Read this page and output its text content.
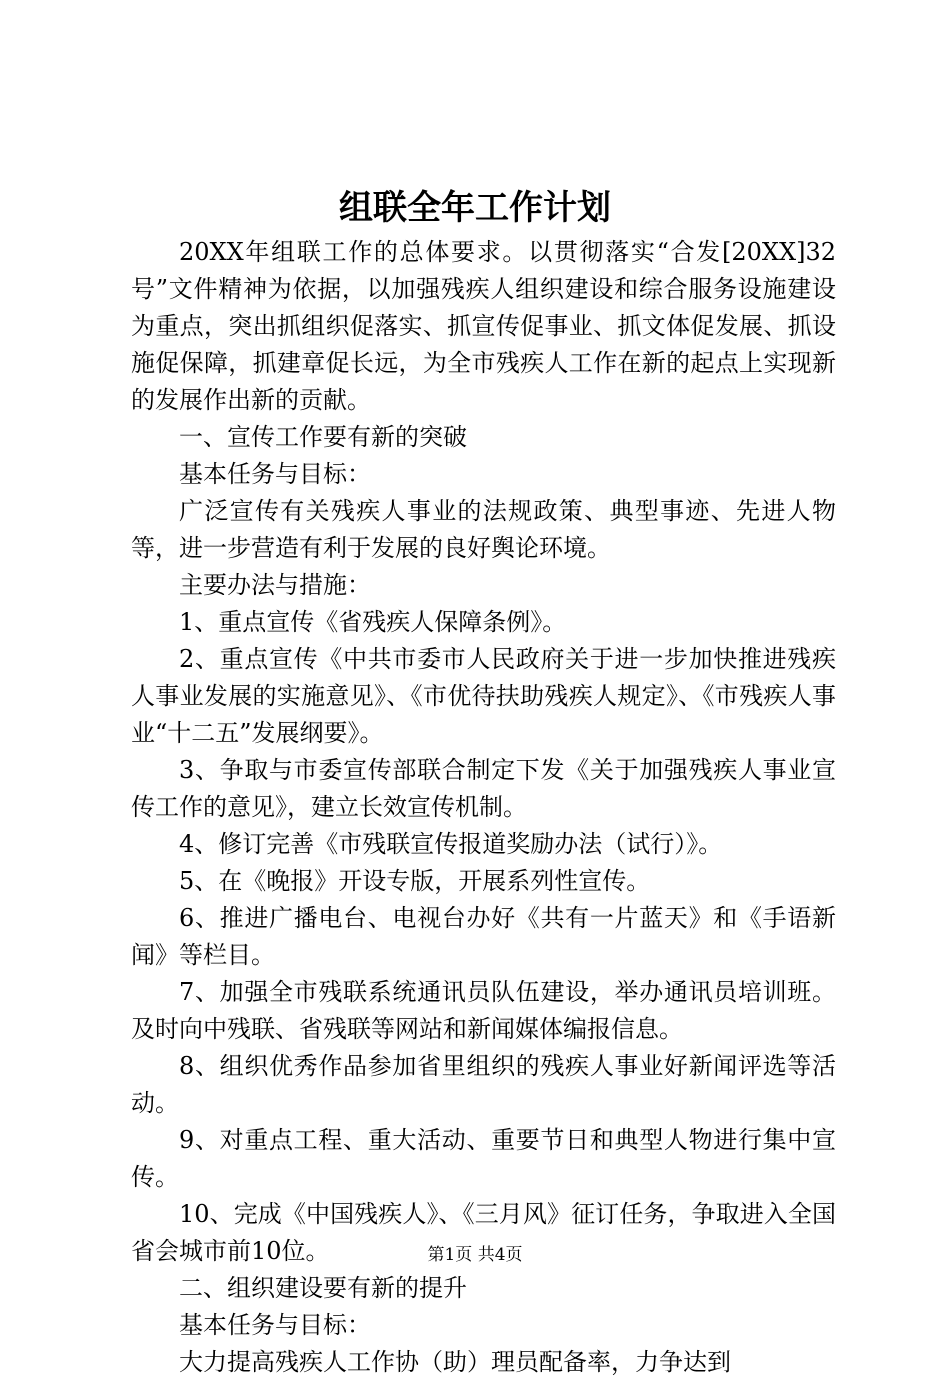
组联全年工作计划

20XX年组联工作的总体要求。以贯彻落实“合发[20XX]32号”文件精神为依据，以加强残疾人组织建设和综合服务设施建设为重点，突出抓组织促落实、抓宣传促事业、抓文体促发展、抓设施促保障，抓建章促长远，为全市残疾人工作在新的起点上实现新的发展作出新的贡献。

一、宣传工作要有新的突破

基本任务与目标：

广泛宣传有关残疾人事业的法规政策、典型事迹、先进人物等，进一步营造有利于发展的良好舆论环境。

主要办法与措施：

1、重点宣传《省残疾人保障条例》。

2、重点宣传《中共市委市人民政府关于进一步加快推进残疾人事业发展的实施意见》、《市优待扶助残疾人规定》、《市残疾人事业“十二五”发展纲要》。

3、争取与市委宣传部联合制定下发《关于加强残疾人事业宣传工作的意见》，建立长效宣传机制。

4、修订完善《市残联宣传报道奖励办法（试行）》。

5、在《晚报》开设专版，开展系列性宣传。

6、推进广播电台、电视台办好《共有一片蓝天》和《手语新闻》等栏目。

7、加强全市残联系统通讯员队伍建设，举办通讯员培训班。及时向中残联、省残联等网站和新闻媒体编报信息。

8、组织优秀作品参加省里组织的残疾人事业好新闻评选等活动。

9、对重点工程、重大活动、重要节日和典型人物进行集中宣传。

10、完成《中国残疾人》、《三月风》征订任务，争取进入全国省会城市前10位。

二、组织建设要有新的提升

基本任务与目标：

大力提高残疾人工作协（助）理员配备率，力争达到

第1页 共4页
